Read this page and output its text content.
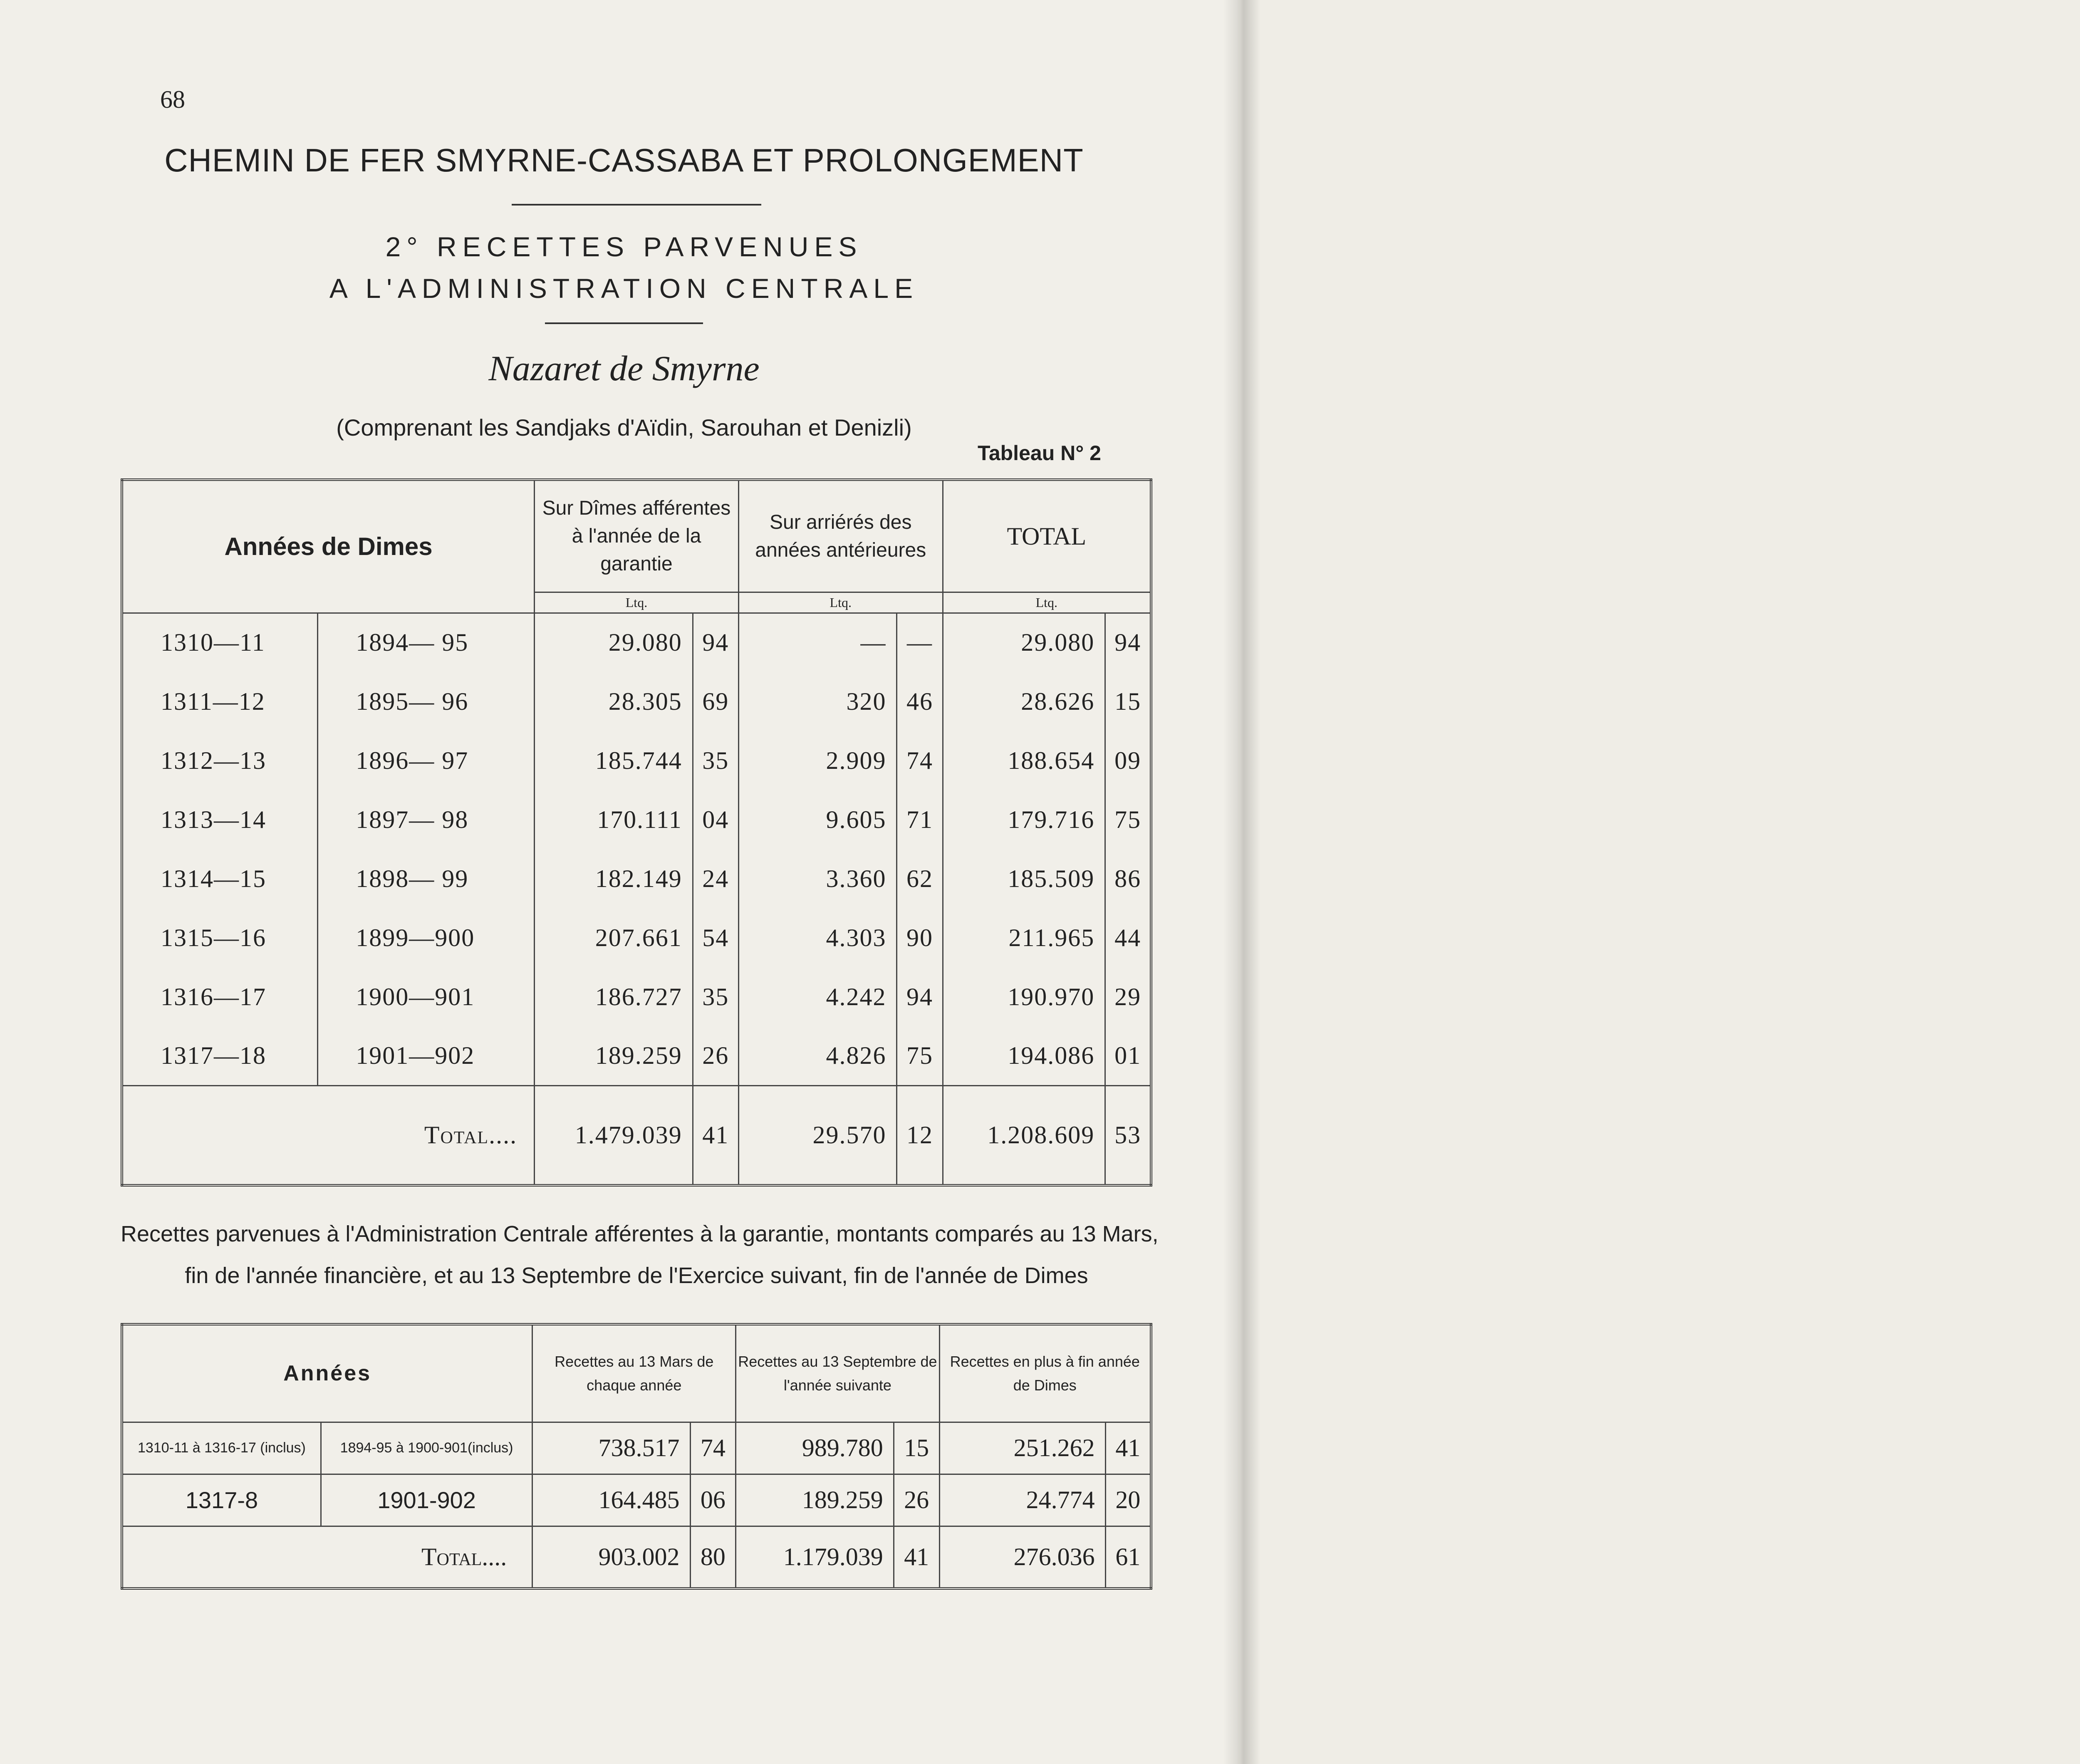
68
CHEMIN DE FER SMYRNE-CASSABA ET PROLONGEMENT
2° RECETTES PARVENUES
A L'ADMINISTRATION CENTRALE
Nazaret de Smyrne
(Comprenant les Sandjaks d'Aïdin, Sarouhan et Denizli)
Tableau N° 2
Années de Dimes		Sur Dîmes afférentes à l'année de la garantie		Sur arriérés des années antérieures		TOTAL	
		Ltq.		Ltq.		Ltq.	
1310—11	1894— 95	29.080	94	—	—	29.080	94
1311—12	1895— 96	28.305	69	320	46	28.626	15
1312—13	1896— 97	185.744	35	2.909	74	188.654	09
1313—14	1897— 98	170.111	04	9.605	71	179.716	75
1314—15	1898— 99	182.149	24	3.360	62	185.509	86
1315—16	1899—900	207.661	54	4.303	90	211.965	44
1316—17	1900—901	186.727	35	4.242	94	190.970	29
1317—18	1901—902	189.259	26	4.826	75	194.086	01
Total....		1.479.039	41	29.570	12	1.208.609	53
Recettes parvenues à l'Administration Centrale afférentes à la garantie, montants comparés au 13 Mars,
fin de l'année financière, et au 13 Septembre de l'Exercice suivant, fin de l'année de Dimes
Années		Recettes au 13 Mars de chaque année		Recettes au 13 Septembre de l'année suivante		Recettes en plus à fin année de Dimes	
1310-11 à 1316-17 (inclus)	1894-95 à 1900-901(inclus)	738.517	74	989.780	15	251.262	41
1317-8	1901-902	164.485	06	189.259	26	24.774	20
Total....		903.002	80	1.179.039	41	276.036	61
